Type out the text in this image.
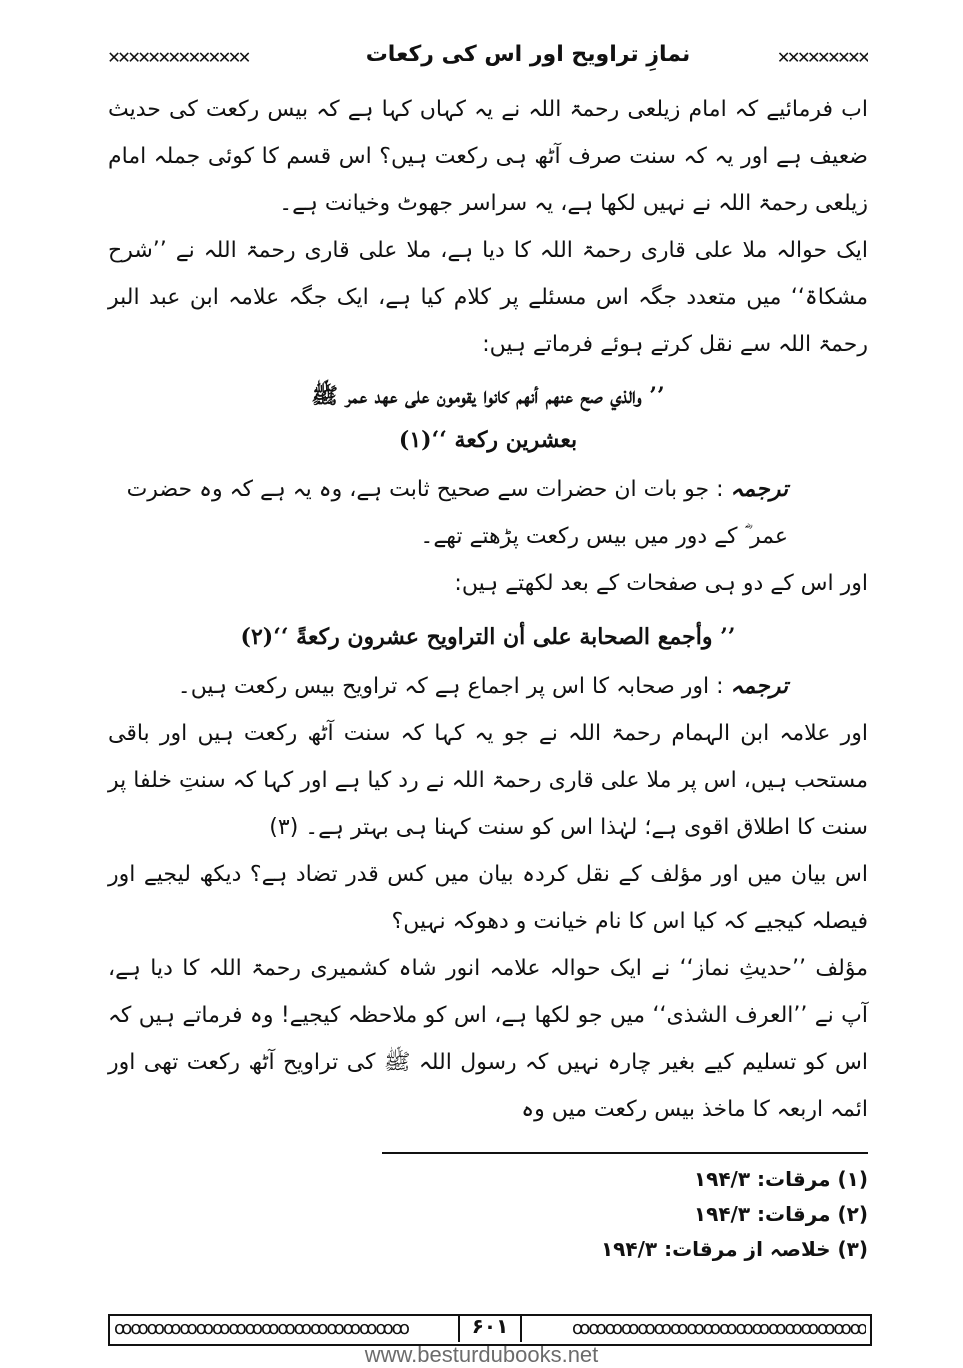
✕✕✕✕✕✕✕✕✕
نمازِ تراویح اور اس کی رکعات
✕✕✕✕✕✕✕✕✕✕✕✕✕✕

اب فرمائیے کہ امام زیلعی رحمۃ اللہ نے یہ کہاں کہا ہے کہ بیس رکعت کی حدیث ضعیف ہے اور یہ کہ سنت صرف آٹھ ہی رکعت ہیں؟ اس قسم کا کوئی جملہ امام زیلعی رحمۃ اللہ نے نہیں لکھا ہے، یہ سراسر جھوٹ وخیانت ہے۔

ایک حوالہ ملا علی قاری رحمۃ اللہ کا دیا ہے، ملا علی قاری رحمۃ اللہ نے ’’شرح مشکاۃ‘‘ میں متعدد جگہ اس مسئلے پر کلام کیا ہے، ایک جگہ علامہ ابن عبد البر رحمۃ اللہ سے نقل کرتے ہوئے فرماتے ہیں:

’’ والذي صح عنهم أنهم كانوا يقومون على عهد عمر ﷺ
بعشرين ركعة ‘‘(۱)

ترجمہ : جو بات ان حضرات سے صحیح ثابت ہے، وہ یہ ہے کہ وہ حضرت عمر ؓ کے دور میں بیس رکعت پڑھتے تھے۔

اور اس کے دو ہی صفحات کے بعد لکھتے ہیں:

’’ وأجمع الصحابة على أن التراويح عشرون ركعةً ‘‘(۲)

ترجمہ : اور صحابہ کا اس پر اجماع ہے کہ تراویح بیس رکعت ہیں۔

اور علامہ ابن الہمام رحمۃ اللہ نے جو یہ کہا کہ سنت آٹھ رکعت ہیں اور باقی مستحب ہیں، اس پر ملا علی قاری رحمۃ اللہ نے رد کیا ہے اور کہا کہ سنتِ خلفا پر سنت کا اطلاق اقوی ہے؛ لہٰذا اس کو سنت کہنا ہی بہتر ہے۔ (۳)

اس بیان میں اور مؤلف کے نقل کردہ بیان میں کس قدر تضاد ہے؟ دیکھ لیجیے اور فیصلہ کیجیے کہ کیا اس کا نام خیانت و دھوکہ نہیں؟

مؤلف ’’حدیثِ نماز‘‘ نے ایک حوالہ علامہ انور شاہ کشمیری رحمۃ اللہ کا دیا ہے، آپ نے ’’العرف الشذی‘‘ میں جو لکھا ہے، اس کو ملاحظہ کیجیے! وہ فرماتے ہیں کہ اس کو تسلیم کیے بغیر چارہ نہیں کہ رسول اللہ ﷺ کی تراویح آٹھ رکعت تھی اور ائمہ اربعہ کا ماخذ بیس رکعت میں وہ

(۱) مرقات: ۱۹۴/۳

(۲) مرقات: ۱۹۴/۳

(۳) خلاصہ از مرقات: ۱۹۴/۳

ꝏꝏꝏꝏꝏꝏꝏꝏꝏꝏꝏꝏꝏꝏꝏꝏꝏꝏ	۶۰۱	ꝏꝏꝏꝏꝏꝏꝏꝏꝏꝏꝏꝏꝏꝏꝏꝏꝏꝏ
www.besturdubooks.net
